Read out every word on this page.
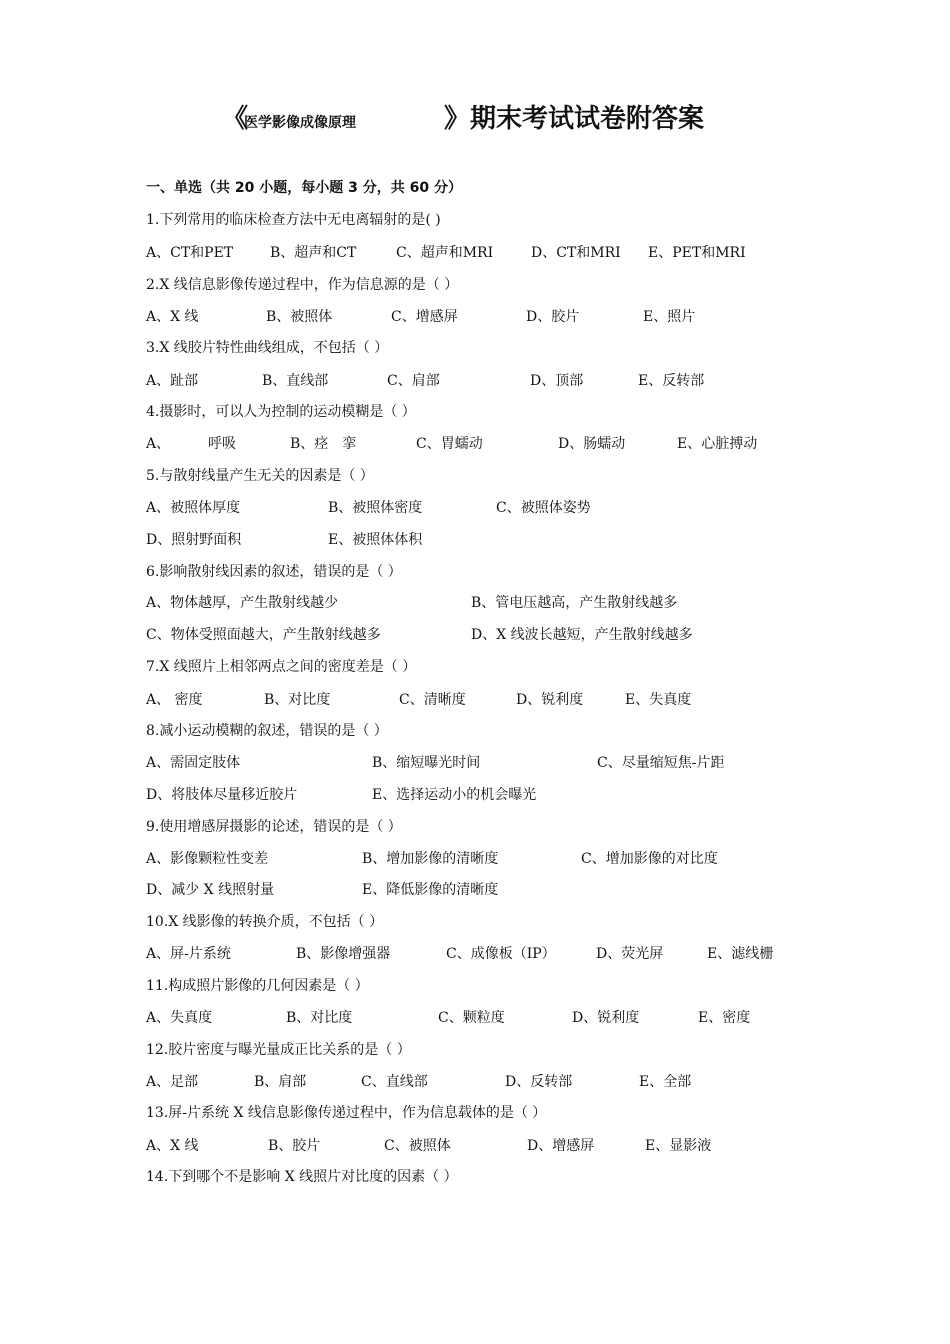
《
医学影像成像原理	》期末考试试卷附答案
一、单选（共 20 小题，每小题 3 分，共 60 分）
1.下列常用的临床检查方法中无电离辐射的是( )
A、CT和PET	B、超声和CT	C、超声和MRI	D、CT和MRI E、PET和MRI
2.X 线信息影像传递过程中，作为信息源的是（ ）
A、X 线	B、被照体	C、增感屏	D、胶片	E、照片
3.X 线胶片特性曲线组成，不包括（ ）
A、趾部	B、直线部	C、肩部	D、顶部	E、反转部
4.摄影时，可以人为控制的运动模糊是（ ）
A、	呼吸	B、痉　挛	C、胃蠕动	D、肠蠕动	E、心脏搏动
5.与散射线量产生无关的因素是（ ）
A、被照体厚度	B、被照体密度	C、被照体姿势
D、照射野面积	E、被照体体积
6.影响散射线因素的叙述，错误的是（ ）
A、物体越厚，产生散射线越少	B、管电压越高，产生散射线越多
C、物体受照面越大，产生散射线越多	D、X 线波长越短，产生散射线越多
7.X 线照片上相邻两点之间的密度差是（ ）
A、 密度	B、对比度	C、清晰度	D、锐利度	E、失真度
8.减小运动模糊的叙述，错误的是（ ）
A、需固定肢体	B、缩短曝光时间	C、尽量缩短焦-片距
D、将肢体尽量移近胶片	E、选择运动小的机会曝光
9.使用增感屏摄影的论述，错误的是（ ）
A、影像颗粒性变差	B、增加影像的清晰度	C、增加影像的对比度
D、减少 X 线照射量	E、降低影像的清晰度
10.X 线影像的转换介质，不包括（ ）
A、屏-片系统	B、影像增强器	C、成像板（IP）	D、荧光屏	E、滤线栅
11.构成照片影像的几何因素是（ ）
A、失真度	B、对比度	C、颗粒度	D、锐利度	E、密度
12.胶片密度与曝光量成正比关系的是（ ）
A、足部	B、肩部	C、直线部	D、反转部	E、全部
13.屏-片系统 X 线信息影像传递过程中，作为信息载体的是（ ）
A、X 线	B、胶片	C、被照体	D、增感屏	E、显影液
14.下到哪个不是影响 X 线照片对比度的因素（ ）
